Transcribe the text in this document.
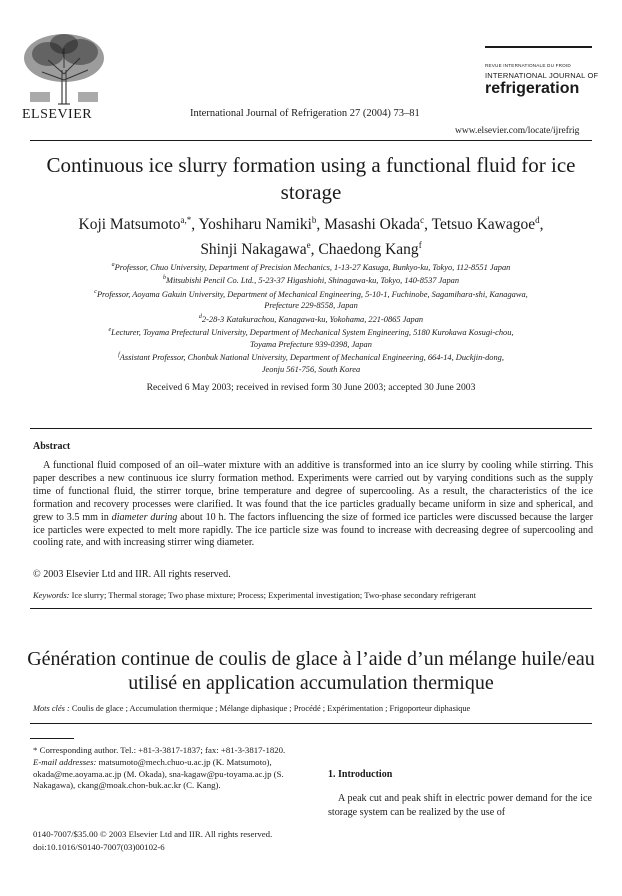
ELSEVIER	International Journal of Refrigeration 27 (2004) 73–81
REVUE INTERNATIONALE DU FROID
INTERNATIONAL JOURNAL OF
refrigeration
www.elsevier.com/locate/ijrefrig
Continuous ice slurry formation using a functional fluid for ice storage
Koji Matsumoto$^{a,*}$, Yoshiharu Namiki$^b$, Masashi Okada$^c$, Tetsuo Kawagoe$^d$,
Shinji Nakagawa$^e$, Chaedong Kang$^f$
$^a$Professor, Chuo University, Department of Precision Mechanics, 1-13-27 Kasuga, Bunkyo-ku, Tokyo, 112-8551 Japan
$^b$Mitsubishi Pencil Co. Ltd., 5-23-37 Higashiohi, Shinagawa-ku, Tokyo, 140-8537 Japan
$^c$Professor, Aoyama Gakuin University, Department of Mechanical Engineering, 5-10-1, Fuchinobe, Sagamihara-shi, Kanagawa,
Prefecture 229-8558, Japan
$^d$2-28-3 Katakurachou, Kanagawa-ku, Yokohama, 221-0865 Japan
$^e$Lecturer, Toyama Prefectural University, Department of Mechanical System Engineering, 5180 Kurokawa Kosugi-chou,
Toyama Prefecture 939-0398, Japan
$^f$Assistant Professor, Chonbuk National University, Department of Mechanical Engineering, 664-14, Duckjin-dong,
Jeonju 561-756, South Korea
Received 6 May 2003; received in revised form 30 June 2003; accepted 30 June 2003
Abstract

A functional fluid composed of an oil–water mixture with an additive is transformed into an ice slurry by cooling while stirring. This paper describes a new continuous ice slurry formation method. Experiments were carried out by varying conditions such as the supply time of functional fluid, the stirrer torque, brine temperature and degree of supercooling. As a result, the characteristics of the ice formation and recovery processes were clarified. It was found that the ice particles gradually became uniform in size and spherical, and grew to 3.5 mm in diameter during about 10 h. The factors influencing the size of formed ice particles were discussed because the larger ice particles were expected to melt more rapidly. The ice particle size was found to increase with decreasing degree of supercooling and cooling rate, and with increasing stirrer wing diameter.

© 2003 Elsevier Ltd and IIR. All rights reserved.
Keywords: Ice slurry; Thermal storage; Two phase mixture; Process; Experimental investigation; Two-phase secondary refrigerant
Génération continue de coulis de glace à l’aide d’un mélange huile/eau utilisé en application accumulation thermique
Mots clés : Coulis de glace ; Accumulation thermique ; Mélange diphasique ; Procédé ; Expérimentation ; Frigoporteur diphasique

* Corresponding author. Tel.: +81-3-3817-1837; fax: +81-3-3817-1820.

E-mail addresses: matsumoto@mech.chuo-u.ac.jp (K. Matsumoto), okada@me.aoyama.ac.jp (M. Okada), sna-kagaw@pu-toyama.ac.jp (S. Nakagawa), ckang@moak.chon-buk.ac.kr (C. Kang).

0140-7007/$35.00 © 2003 Elsevier Ltd and IIR. All rights reserved.
doi:10.1016/S0140-7007(03)00102-6
1. Introduction

A peak cut and peak shift in electric power demand for the ice storage system can be realized by the use of
